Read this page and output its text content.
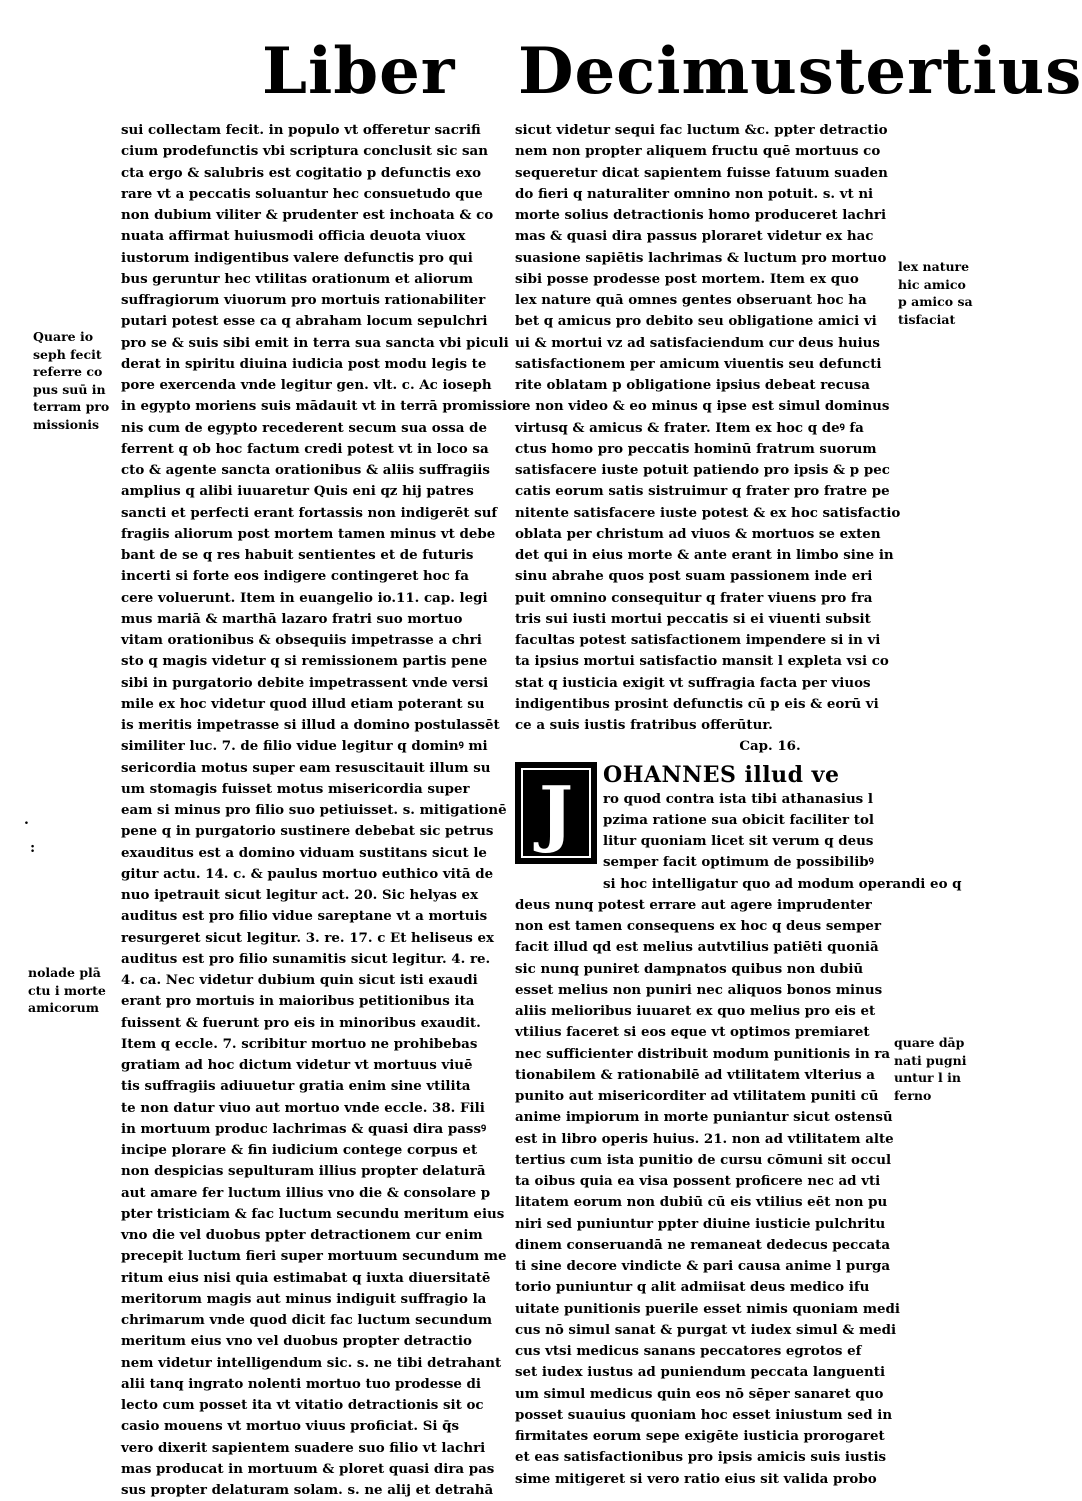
Liber Decimustertius
Quare io
seph fecit
referre co
pus suū in
terram pro
missionis
nolade plā
ctu i morte
amicorum
lex nature
hic amico
p amico sa
tisfaciat
quare dāp
nati pugni
untur l in
ferno
.
:
sui collectam fecit. in populo vt offeretur sacrifi
cium prodefunctis vbi scriptura conclusit sic san
cta ergo & salubris est cogitatio p defunctis exo
rare vt a peccatis soluantur hec consuetudo que
non dubium viliter & prudenter est inchoata & co
nuata affirmat huiusmodi officia deuota viuox
iustorum indigentibus valere defunctis pro qui
bus geruntur hec vtilitas orationum et aliorum
suffragiorum viuorum pro mortuis rationabiliter
putari potest esse ca q abraham locum sepulchri
pro se & suis sibi emit in terra sua sancta vbi piculi
derat in spiritu diuina iudicia post modu legis te
pore exercenda vnde legitur gen. vlt. c. Ac ioseph
in egypto moriens suis mādauit vt in terrā promissio
nis cum de egypto recederent secum sua ossa de
ferrent q ob hoc factum credi potest vt in loco sa
cto & agente sancta orationibus & aliis suffragiis
amplius q alibi iuuaretur Quis eni qz hij patres
sancti et perfecti erant fortassis non indigerēt suf
fragiis aliorum post mortem tamen minus vt debe
bant de se q res habuit sentientes et de futuris
incerti si forte eos indigere contingeret hoc fa
cere voluerunt. Item in euangelio io.11. cap. legi
mus mariā & marthā lazaro fratri suo mortuo
vitam orationibus & obsequiis impetrasse a chri
sto q magis videtur q si remissionem partis pene
sibi in purgatorio debite impetrassent vnde versi
mile ex hoc videtur quod illud etiam poterant su
is meritis impetrasse si illud a domino postulassēt
similiter luc. 7. de filio vidue legitur q dominꝰ mi
sericordia motus super eam resuscitauit illum su
um stomagis fuisset motus misericordia super
eam si minus pro filio suo petiuisset. s. mitigationē
pene q in purgatorio sustinere debebat sic petrus
exauditus est a domino viduam sustitans sicut le
gitur actu. 14. c. & paulus mortuo euthico vitā de
nuo ipetrauit sicut legitur act. 20. Sic helyas ex
auditus est pro filio vidue sareptane vt a mortuis
resurgeret sicut legitur. 3. re. 17. c Et heliseus ex
auditus est pro filio sunamitis sicut legitur. 4. re.
4. ca. Nec videtur dubium quin sicut isti exaudi
erant pro mortuis in maioribus petitionibus ita
fuissent & fuerunt pro eis in minoribus exaudit.
Item q eccle. 7. scribitur mortuo ne prohibebas
gratiam ad hoc dictum videtur vt mortuus viuē
tis suffragiis adiuuetur gratia enim sine vtilita
te non datur viuo aut mortuo vnde eccle. 38. Fili
in mortuum produc lachrimas & quasi dira passꝰ
incipe plorare & fin iudicium contege corpus et
non despicias sepulturam illius propter delaturā
aut amare fer luctum illius vno die & consolare p
pter tristiciam & fac luctum secundu meritum eius
vno die vel duobus ppter detractionem cur enim
precepit luctum fieri super mortuum secundum me
ritum eius nisi quia estimabat q iuxta diuersitatē
meritorum magis aut minus indiguit suffragio la
chrimarum vnde quod dicit fac luctum secundum
meritum eius vno vel duobus propter detractio
nem videtur intelligendum sic. s. ne tibi detrahant
alii tanq ingrato nolenti mortuo tuo prodesse di
lecto cum posset ita vt vitatio detractionis sit oc
casio mouens vt mortuo viuus proficiat. Si q̄s
vero dixerit sapientem suadere suo filio vt lachri
mas producat in mortuum & ploret quasi dira pas
sus propter delaturam solam. s. ne alij et detrahā
sicut videtur sequi fac luctum &c. ppter detractio
nem non propter aliquem fructu quē mortuus co
sequeretur dicat sapientem fuisse fatuum suaden
do fieri q naturaliter omnino non potuit. s. vt ni
morte solius detractionis homo produceret lachri
mas & quasi dira passus ploraret videtur ex hac
suasione sapiētis lachrimas & luctum pro mortuo
sibi posse prodesse post mortem. Item ex quo
lex nature quā omnes gentes obseruant hoc ha
bet q amicus pro debito seu obligatione amici vi
ui & mortui vz ad satisfaciendum cur deus huius
satisfactionem per amicum viuentis seu defuncti
rite oblatam p obligatione ipsius debeat recusa
re non video & eo minus q ipse est simul dominus
virtusq & amicus & frater. Item ex hoc q deꝰ fa
ctus homo pro peccatis hominū fratrum suorum
satisfacere iuste potuit patiendo pro ipsis & p pec
catis eorum satis sistruimur q frater pro fratre pe
nitente satisfacere iuste potest & ex hoc satisfactio
oblata per christum ad viuos & mortuos se exten
det qui in eius morte & ante erant in limbo sine in
sinu abrahe quos post suam passionem inde eri
puit omnino consequitur q frater viuens pro fra
tris sui iusti mortui peccatis si ei viuenti subsit
facultas potest satisfactionem impendere si in vi
ta ipsius mortui satisfactio mansit l expleta vsi co
stat q iusticia exigit vt suffragia facta per viuos
indigentibus prosint defunctis cū p eis & eorū vi
ce a suis iustis fratribus offerūtur.
Cap. 16.
J	OHANNES illud ve
ro quod contra ista tibi athanasius l
pzima ratione sua obicit faciliter tol
litur quoniam licet sit verum q deus
semper facit optimum de possibilibꝰ
si hoc intelligatur quo ad modum operandi eo q
deus nunq potest errare aut agere imprudenter
non est tamen consequens ex hoc q deus semper
facit illud qd est melius autvtilius patiēti quoniā
sic nunq puniret dampnatos quibus non dubiū
esset melius non puniri nec aliquos bonos minus
aliis melioribus iuuaret ex quo melius pro eis et
vtilius faceret si eos eque vt optimos premiaret
nec sufficienter distribuit modum punitionis in ra
tionabilem & rationabilē ad vtilitatem vlterius a
punito aut misericorditer ad vtilitatem puniti cū
anime impiorum in morte puniantur sicut ostensū
est in libro operis huius. 21. non ad vtilitatem alte
tertius cum ista punitio de cursu cōmuni sit occul
ta oibus quia ea visa possent proficere nec ad vti
litatem eorum non dubiū cū eis vtilius eēt non pu
niri sed puniuntur ppter diuine iusticie pulchritu
dinem conseruandā ne remaneat dedecus peccata
ti sine decore vindicte & pari causa anime l purga
torio puniuntur q alit admiisat deus medico ifu
uitate punitionis puerile esset nimis quoniam medi
cus nō simul sanat & purgat vt iudex simul & medi
cus vtsi medicus sanans peccatores egrotos ef
set iudex iustus ad puniendum peccata languenti
um simul medicus quin eos nō sēper sanaret quo
posset suauius quoniam hoc esset iniustum sed in
firmitates eorum sepe exigēte iusticia prorogaret
et eas satisfactionibus pro ipsis amicis suis iustis
sime mitigeret si vero ratio eius sit valida probo
